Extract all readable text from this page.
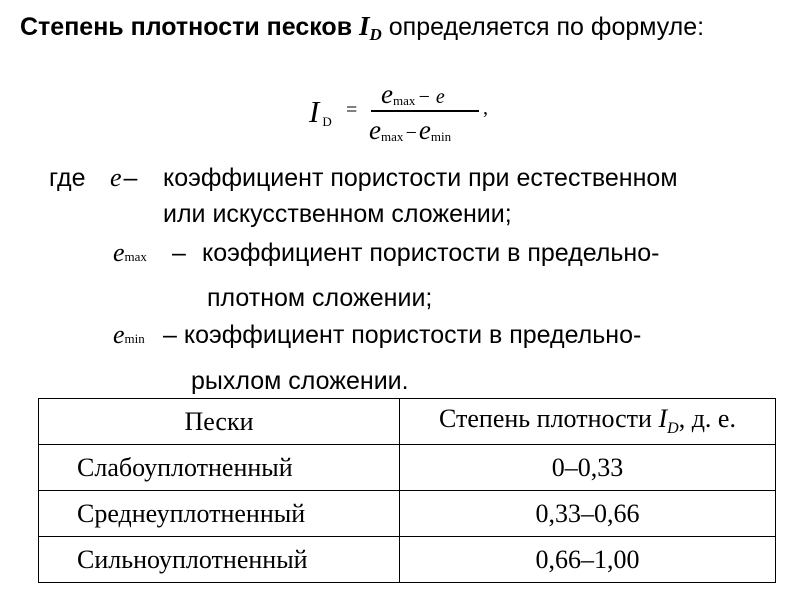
Степень плотности песков $I_D$ определяется по формуле:
I D
=
emax − e
emax−emin
,
где e– коэффициент пористости при естественном
или искусственном сложении;
emax – коэффициент пористости в предельно-
плотном сложении;
emin – коэффициент пористости в предельно-
рыхлом сложении.
Пески	Степень плотности $I_D$, д. е.
Слабоуплотненный	0–0,33
Среднеуплотненный	0,33–0,66
Сильноуплотненный	0,66–1,00
